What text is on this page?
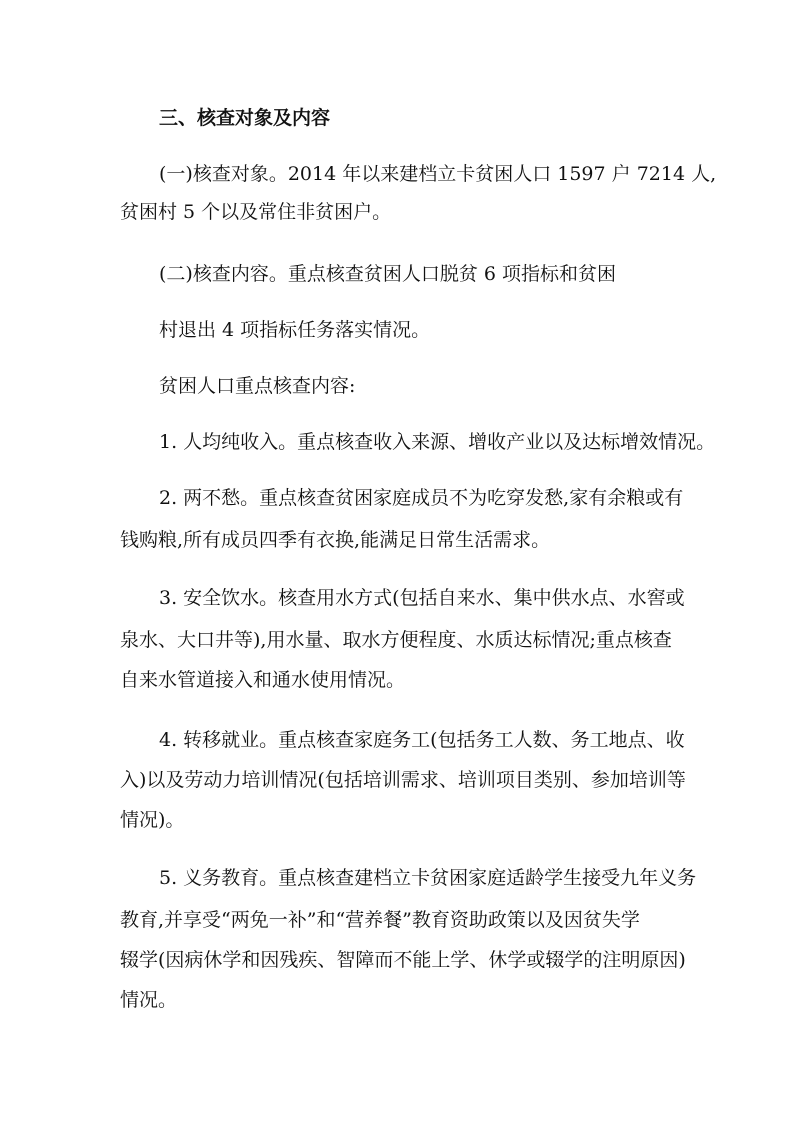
三、核查对象及内容
(一)核查对象。2014 年以来建档立卡贫困人口 1597 户 7214 人,
贫困村 5 个以及常住非贫困户。
(二)核查内容。重点核查贫困人口脱贫 6 项指标和贫困
村退出 4 项指标任务落实情况。
贫困人口重点核查内容:
1. 人均纯收入。重点核查收入来源、增收产业以及达标增效情况。
2. 两不愁。重点核查贫困家庭成员不为吃穿发愁,家有余粮或有
钱购粮,所有成员四季有衣换,能满足日常生活需求。
3. 安全饮水。核查用水方式(包括自来水、集中供水点、水窖或
泉水、大口井等),用水量、取水方便程度、水质达标情况;重点核查
自来水管道接入和通水使用情况。
4. 转移就业。重点核查家庭务工(包括务工人数、务工地点、收
入)以及劳动力培训情况(包括培训需求、培训项目类别、参加培训等
情况)。
5. 义务教育。重点核查建档立卡贫困家庭适龄学生接受九年义务
教育,并享受“两免一补”和“营养餐”教育资助政策以及因贫失学
辍学(因病休学和因残疾、智障而不能上学、休学或辍学的注明原因)
情况。
